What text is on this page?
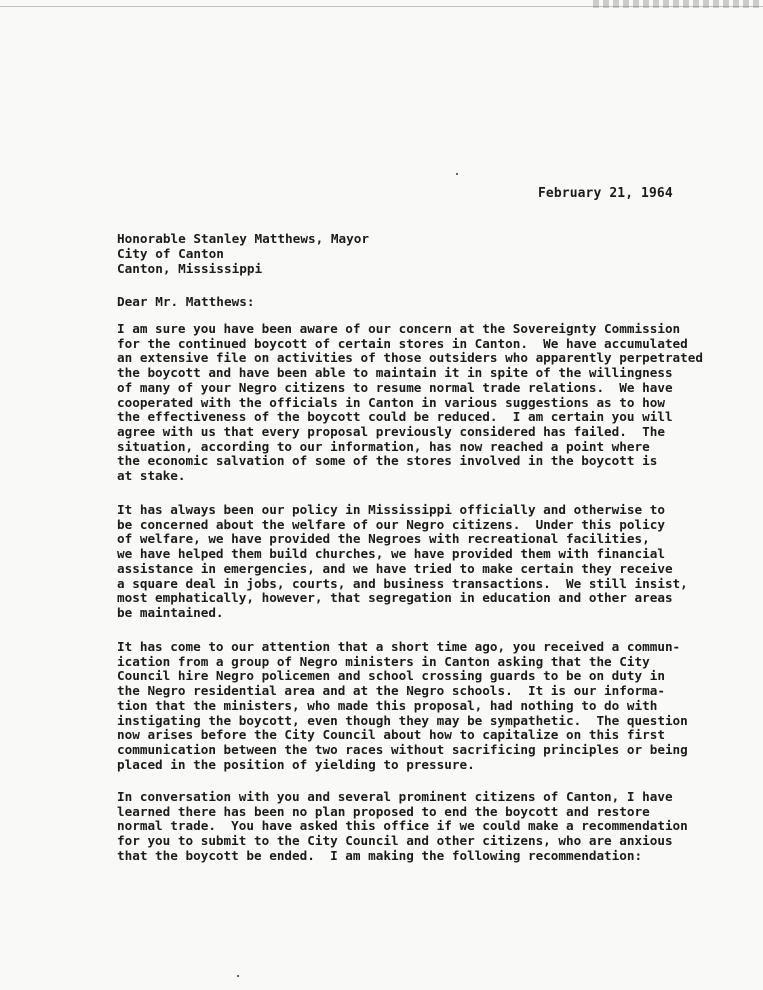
February 21, 1964
Honorable Stanley Matthews, Mayor
City of Canton
Canton, Mississippi
Dear Mr. Matthews:
I am sure you have been aware of our concern at the Sovereignty Commission
for the continued boycott of certain stores in Canton.  We have accumulated
an extensive file on activities of those outsiders who apparently perpetrated
the boycott and have been able to maintain it in spite of the willingness
of many of your Negro citizens to resume normal trade relations.  We have
cooperated with the officials in Canton in various suggestions as to how
the effectiveness of the boycott could be reduced.  I am certain you will
agree with us that every proposal previously considered has failed.  The
situation, according to our information, has now reached a point where
the economic salvation of some of the stores involved in the boycott is
at stake.
It has always been our policy in Mississippi officially and otherwise to
be concerned about the welfare of our Negro citizens.  Under this policy
of welfare, we have provided the Negroes with recreational facilities,
we have helped them build churches, we have provided them with financial
assistance in emergencies, and we have tried to make certain they receive
a square deal in jobs, courts, and business transactions.  We still insist,
most emphatically, however, that segregation in education and other areas
be maintained.
It has come to our attention that a short time ago, you received a commun-
ication from a group of Negro ministers in Canton asking that the City
Council hire Negro policemen and school crossing guards to be on duty in
the Negro residential area and at the Negro schools.  It is our informa-
tion that the ministers, who made this proposal, had nothing to do with
instigating the boycott, even though they may be sympathetic.  The question
now arises before the City Council about how to capitalize on this first
communication between the two races without sacrificing principles or being
placed in the position of yielding to pressure.
In conversation with you and several prominent citizens of Canton, I have
learned there has been no plan proposed to end the boycott and restore
normal trade.  You have asked this office if we could make a recommendation
for you to submit to the City Council and other citizens, who are anxious
that the boycott be ended.  I am making the following recommendation:
